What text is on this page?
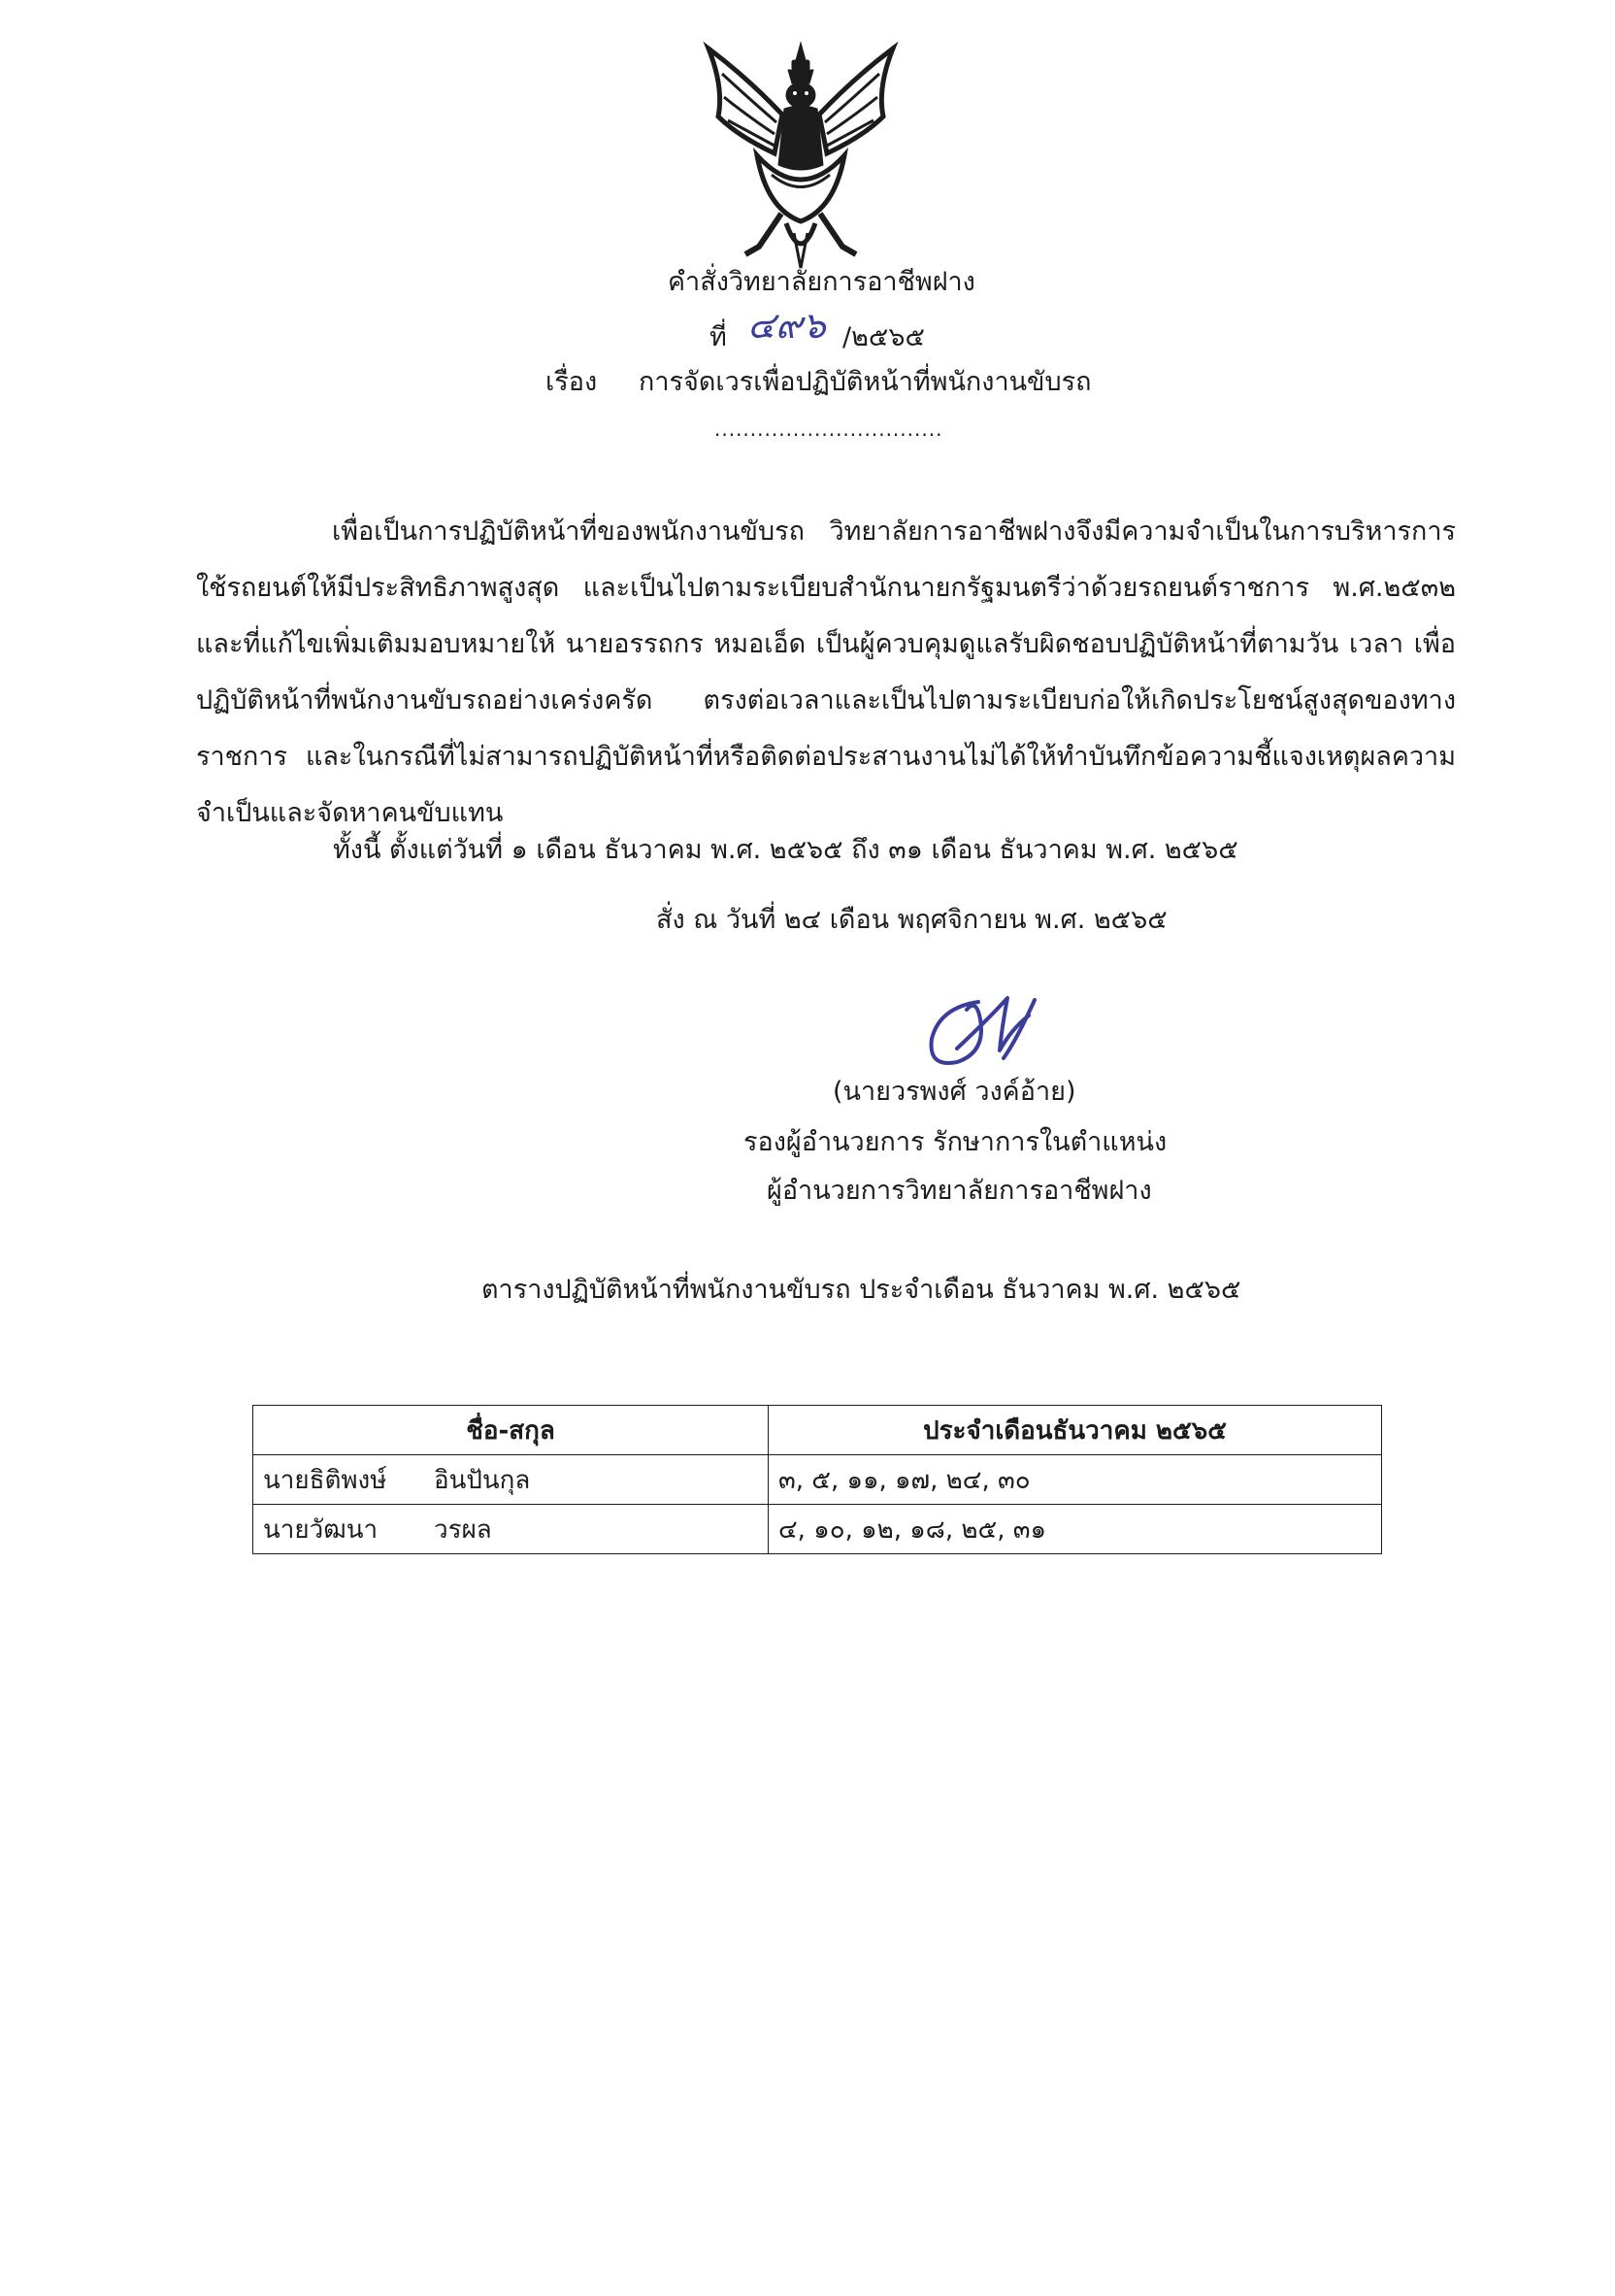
คำสั่งวิทยาลัยการอาชีพฝาง
ที่ ๔๙๖ /๒๕๖๕
เรื่อง การจัดเวรเพื่อปฏิบัติหน้าที่พนักงานขับรถ
................................

เพื่อเป็นการปฏิบัติหน้าที่ของพนักงานขับรถ วิทยาลัยการอาชีพฝางจึงมีความจำเป็นในการบริหารการใช้รถยนต์ให้มีประสิทธิภาพสูงสุด และเป็นไปตามระเบียบสำนักนายกรัฐมนตรีว่าด้วยรถยนต์ราชการ พ.ศ.๒๕๓๒ และที่แก้ไขเพิ่มเติมมอบหมายให้ นายอรรถกร หมอเอ็ด เป็นผู้ควบคุมดูแลรับผิดชอบปฏิบัติหน้าที่ตามวัน เวลา เพื่อปฏิบัติหน้าที่พนักงานขับรถอย่างเคร่งครัด ตรงต่อเวลาและเป็นไปตามระเบียบก่อให้เกิดประโยชน์สูงสุดของทางราชการ และในกรณีที่ไม่สามารถปฏิบัติหน้าที่หรือติดต่อประสานงานไม่ได้ให้ทำบันทึกข้อความชี้แจงเหตุผลความจำเป็นและจัดหาคนขับแทน

ทั้งนี้ ตั้งแต่วันที่ ๑ เดือน ธันวาคม พ.ศ. ๒๕๖๕ ถึง ๓๑ เดือน ธันวาคม พ.ศ. ๒๕๖๕
สั่ง ณ วันที่ ๒๔ เดือน พฤศจิกายน พ.ศ. ๒๕๖๕
(นายวรพงศ์ วงค์อ้าย)
รองผู้อำนวยการ รักษาการในตำแหน่ง
ผู้อำนวยการวิทยาลัยการอาชีพฝาง
ตารางปฏิบัติหน้าที่พนักงานขับรถ ประจำเดือน ธันวาคม พ.ศ. ๒๕๖๕
ชื่อ-สกุล	ประจำเดือนธันวาคม ๒๕๖๕
นายธิติพงษ์ อินปันกุล	๓, ๕, ๑๑, ๑๗, ๒๔, ๓๐
นายวัฒนา วรผล	๔, ๑๐, ๑๒, ๑๘, ๒๕, ๓๑
